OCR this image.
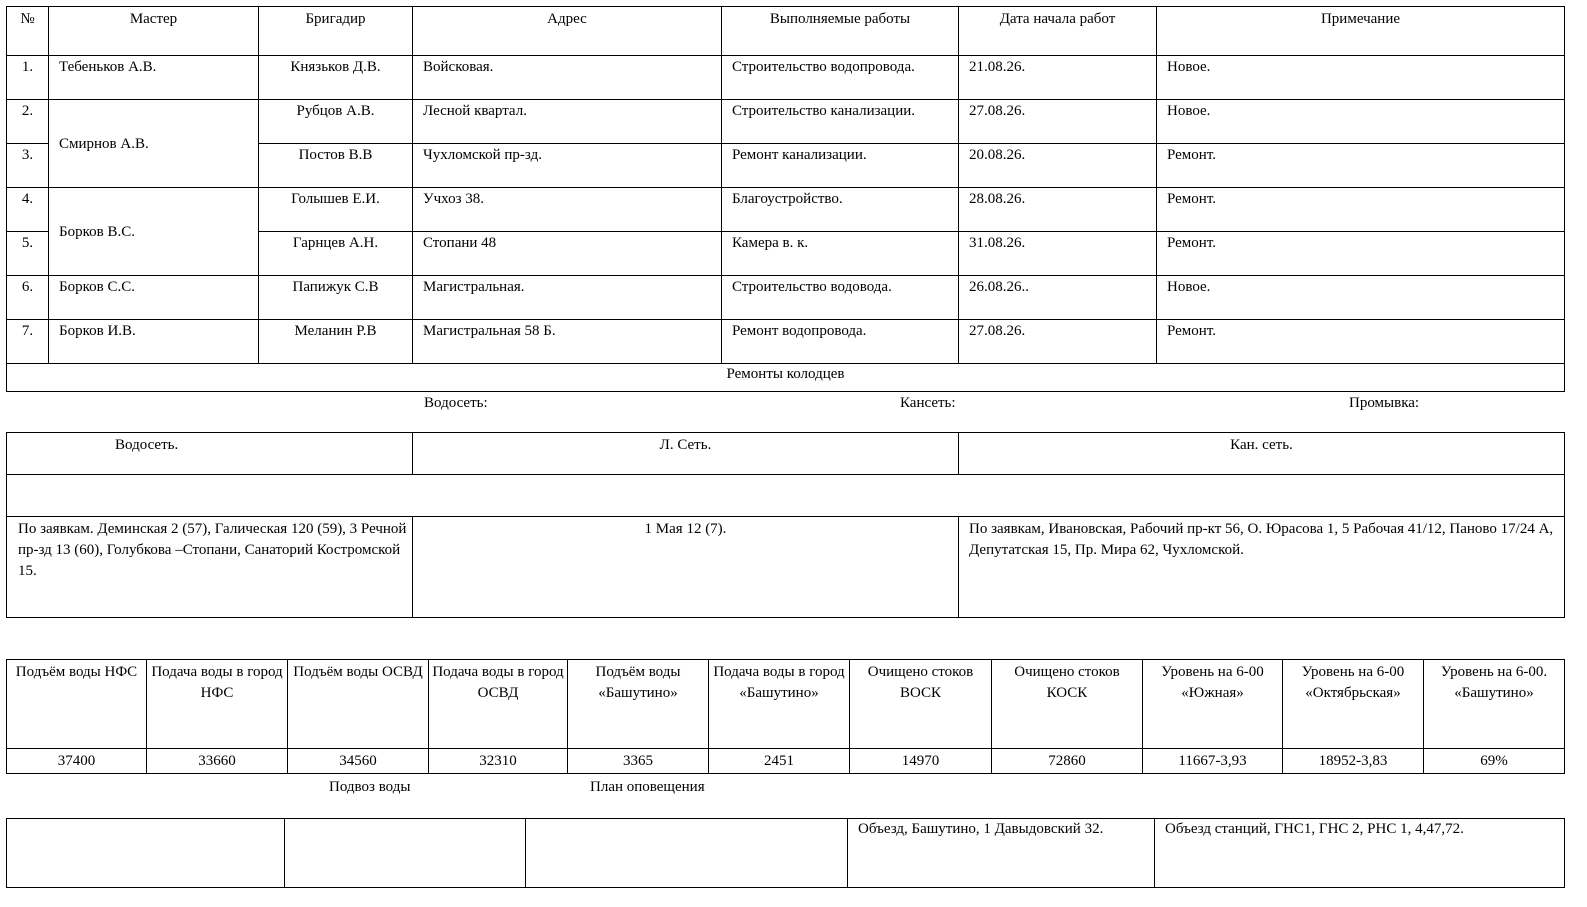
№	Мастер	Бригадир	Адрес	Выполняемые работы	Дата начала работ	Примечание
1.	Тебеньков А.В.	Князьков Д.В.	Войсковая.	Строительство водопровода.	21.08.26.	Новое.
2.	Смирнов А.В.	Рубцов А.В.	Лесной квартал.	Строительство канализации.	27.08.26.	Новое.
3.		Постов В.В	Чухломской пр-зд.	Ремонт канализации.	20.08.26.	Ремонт.
4.	Борков В.С.	Голышев Е.И.	Учхоз 38.	Благоустройство.	28.08.26.	Ремонт.
5.		Гарнцев А.Н.	Стопани 48	Камера в. к.	31.08.26.	Ремонт.
6.	Борков С.С.	Папижук С.В	Магистральная.	Строительство водовода.	26.08.26..	Новое.
7.	Борков И.В.	Меланин Р.В	Магистральная 58 Б.	Ремонт водопровода.	27.08.26.	Ремонт.
Ремонты колодцев						
Водосеть:	Кансеть:	Промывка:
Водосеть.	Л. Сеть.	Кан. сеть.

По заявкам. Деминская 2 (57), Галическая 120 (59), 3 Речной пр-зд 13 (60), Голубкова –Стопани, Санаторий Костромской 15.	1 Мая 12 (7).	По заявкам, Ивановская, Рабочий пр-кт 56, О. Юрасова 1, 5 Рабочая 41/12, Паново 17/24 А, Депутатская 15, Пр. Мира 62, Чухломской.
Подъём воды НФС	Подача воды в город НФС	Подъём воды ОСВД	Подача воды в город ОСВД	Подъём воды «Башутино»	Подача воды в город «Башутино»	Очищено стоков ВОСК	Очищено стоков КОСК	Уровень на 6-00 «Южная»	Уровень на 6-00 «Октябрьская»	Уровень на 6-00. «Башутино»
37400	33660	34560	32310	3365	2451	14970	72860	11667-3,93	18952-3,83	69%
Подвоз воды	План оповещения
			Объезд, Башутино, 1 Давыдовский 32.	Объезд станций, ГНС1, ГНС 2, РНС 1, 4,47,72.
